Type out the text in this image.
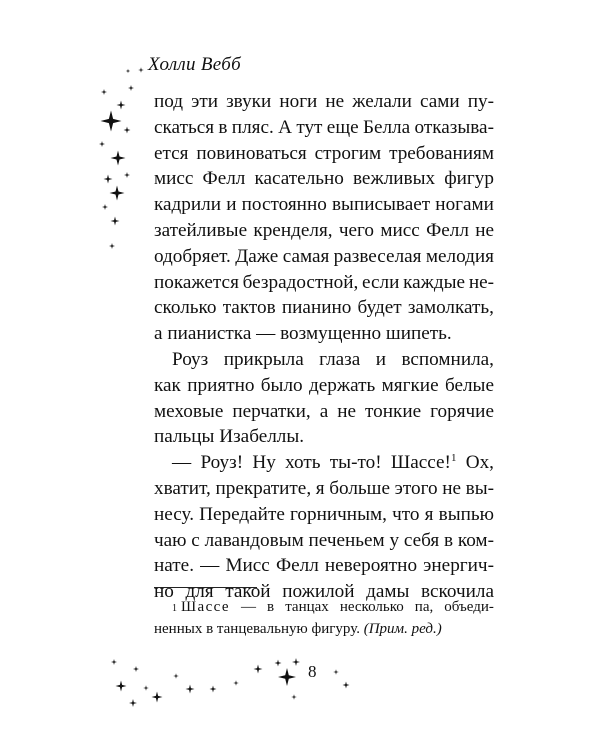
Холли Вебб
под эти звуки ноги не желали сами пу-
скаться в пляс. А тут еще Белла отказыва-
ется повиноваться строгим требованиям
мисс Фелл касательно вежливых фигур
кадрили и постоянно выписывает ногами
затейливые кренделя, чего мисс Фелл не
одобряет. Даже самая развеселая мелодия
покажется безрадостной, если каждые не-
сколько тактов пианино будет замолкать,
а пианистка — возмущенно шипеть.
Роуз прикрыла глаза и вспомнила,
как приятно было держать мягкие белые
меховые перчатки, а не тонкие горячие
пальцы Изабеллы.
— Роуз! Ну хоть ты-то! Шассе!$^1$ Ох,
хватит, прекратите, я больше этого не вы-
несу. Передайте горничным, что я выпью
чаю с лавандовым печеньем у себя в ком-
нате. — Мисс Фелл невероятно энергич-
но для такой пожилой дамы вскочила
$^1$ Шассе — в танцах несколько па, объеди-
ненных в танцевальную фигуру. (Прим. ред.)
8
